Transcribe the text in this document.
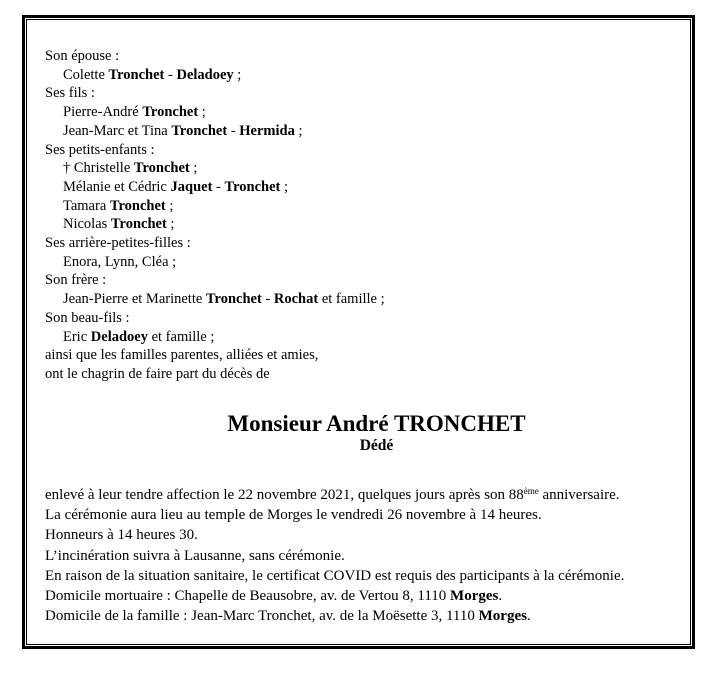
Son épouse :
Colette Tronchet - Deladoey ;
Ses fils :
Pierre-André Tronchet ;
Jean-Marc et Tina Tronchet - Hermida ;
Ses petits-enfants :
† Christelle Tronchet ;
Mélanie et Cédric Jaquet - Tronchet ;
Tamara Tronchet ;
Nicolas Tronchet ;
Ses arrière-petites-filles :
Enora, Lynn, Cléa ;
Son frère :
Jean-Pierre et Marinette Tronchet - Rochat et famille ;
Son beau-fils :
Eric Deladoey et famille ;
ainsi que les familles parentes, alliées et amies,
ont le chagrin de faire part du décès de
Monsieur André TRONCHET
Dédé
enlevé à leur tendre affection le 22 novembre 2021, quelques jours après son 88ème anniversaire.
La cérémonie aura lieu au temple de Morges le vendredi 26 novembre à 14 heures.
Honneurs à 14 heures 30.
L’incinération suivra à Lausanne, sans cérémonie.
En raison de la situation sanitaire, le certificat COVID est requis des participants à la cérémonie.
Domicile mortuaire : Chapelle de Beausobre, av. de Vertou 8, 1110 Morges.
Domicile de la famille : Jean-Marc Tronchet, av. de la Moësette 3, 1110 Morges.
